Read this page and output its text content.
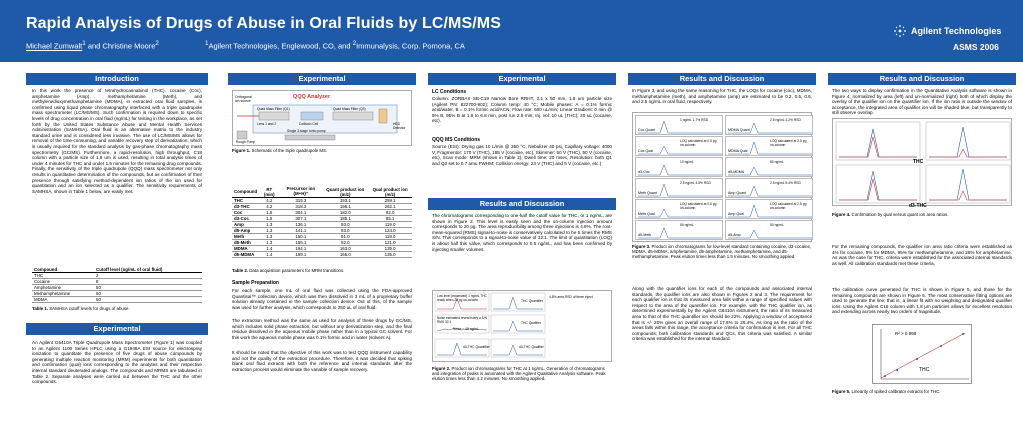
Rapid Analysis of Drugs of Abuse in Oral Fluids by LC/MS/MS
Michael Zumwalt$^1$ and Christine Moore$^2$	$^1$Agilent Technologies, Englewood, CO, and $^2$Immunalysis, Corp. Pomona, CA
Agilent Technologies
ASMS 2006
Introduction
In this work the presence of tetrahydrocannabinol (THC), cocaine (Coc), amphetamine (Amp), methamphetamine (Meth), and methylenedioxymethamphetamine (MDMA), in extracted oral fluid samples, is confirmed using liquid phase chromatography interfaced with a triple quadrupole mass spectrometer (LC/MS/MS). Such confirmation is required down to specific levels of drug concentration in oral fluid (ng/mL) for testing in the workplace, as set forth by the United States Substance Abuse and Mental Health Services Administration (SAMHSA). Oral fluid is an alternative matrix to the industry standard urine and is considered less invasive. The use of LC/MS/MS allows for removal of the time-consuming, and variable recovery step of derivatization, which is usually required for the standard analysis by gas-phase chromatography mass spectrometry (GC/MS). Furthermore, a rapid-resolution, high throughput, C18 column with a particle size of 1.8 um is used, resulting in total analysis times of under 4 minutes for THC and under 1.5 minutes for the remaining drug compounds. Finally, the sensitivity of the triple quadrupole (QQQ) mass spectrometer not only results in quantitative determination of the compounds, but as confirmation of their presence through satisfying method-dependent ion ratios of the ion used for quantitation and an ion selected as a qualifier. The sensitivity requirements of SAMHSA, shown in Table 1 below, are easily met.
Compound	Cutoff level (ng/mL of oral fluid)
THC	2
Cocaine	8
Amphetamine	50
Methamphetamine	50
MDMA	50
Table 1. SAMHSA cutoff levels for drugs of abuse.
Experimental
An Agilent G6410A Triple Quadrupole Mass Spectrometer (Figure 1) was coupled to an Agilent 1100 Series HPLC using a G1948A ESI source for electrospray ionization to quantitate the presence of five drugs of abuse compounds by generating multiple reaction monitoring (MRM) experiments for both quantitation and confirmation (qual) ions corresponding to the analytes and their respective internal standard deuterated analogs. The compounds and MRMS are tabulated in Table 2. Separate analyses were carried out between the THC and the other compounds.
Experimental
QQQ Analyzer
Orthogonal ion source
Quad Mass Filter (Q1)	Quad Mass Filter (Q3)
Lens 1 and 2	Collision Cell	HED Detector
Rough Pump
Single 3-stage turbo pump
Figure 1. Schematic of the triple quadrupole MS.
Compound	RT (min)	Precursor ion (M+H)⁺	Quant product ion (m/z)	Qual product ion (m/z)
THC	4.2	315.3	193.1	259.1
d3-THC	4.2	318.3	196.1	262.1
Coc	1.5	304.1	182.0	82.0
d3-Coc	1.5	307.1	185.1	85.1
Amp	1.3	136.1	93.0	119.0
d5-Amp	1.3	141.1	93.0	124.0
Meth	1.3	150.1	91.0	119.0
d5-Meth	1.3	155.1	92.0	121.0
MDMA	1.4	194.1	163.0	135.0
d5-MDMA	1.4	199.1	165.0	135.0
Table 2. Data acquisition parameters for MRM transitions.
Sample Preparation
For each sample, one mL of oral fluid was collected using the FDA-approved Quantisal™ collection device, which was then dissolved in 3 mL of a proprietary buffer solution already contained in the sample collection device. Out of this, of the sample was used for further analysis, which corresponds to 250 uL of oral fluid.
The extraction method was the same as used for analysis of these drugs by GC/MS, which includes solid phase extraction, but without any derivatization step, and the final residue dissolved in the aqueous mobile phase rather than in a typical GC solvent. For this work the aqueous mobile phase was 0.1% formic acid in water (solvent A).
It should be noted that the objective of this work was to test QQQ instrument capability and not the quality of the extraction procedure. Therefore, it was decided that spiking blank oral fluid extracts with both the reference and internal standards after the extraction process would eliminate the variable of sample recovery.
Experimental
LC Conditions
Column: ZORBAX SB-C18 Narrow Bore RRHT, 2.1 x 50 mm, 1.8 um particle size (Agilent PN: 822700-902); Column temp: 40 °C; Mobile phases: A = 0.1% formic acid/water, B = 0.1% formic acid/ACN; Flow rate: 500 uL/min; Linear Gradient: 0 min @ 5% B, 95% B at 1.8 to 6.8 min, post run 2.5 min; Inj. vol: 10 uL (THC); 20 uL (cocaine, etc).
QQQ MS Conditions
Source (ESI): Drying gas 10 L/min @ 350 °C, Nebulizer 40 psi, Capillary voltage: 4000 V, Fragmentor: 170 V (THC), 185 V (cocaine, etc), Skimmer: 50 V (THC), 50 V (cocaine, etc), Scan mode: MRM (shown in Table 2), Dwell time: 20 msec, Resolution: both Q1 and Q3 set to 0.7 amu FWHM; Collision energy: 23 V (THC) and 5 V (cocaine, etc.)
Results and Discussion
The chromatograms corresponding to one-half the cutoff value for THC, or 1 ng/mL, are shown in Figure 2. This level is easily seen and the on-column injection amount corresponds to 20 pg. The area reproducibility among three injections is 4.8%. The root-mean-squared (RMS) signal-to-noise is conservatively calculated to be 5 times the RMS S/N. This corresponds to a signal-to-noise value of 32:1. The limit of quantitation (LOQ) is about half this value, which corresponds to 0.5 ng/mL, and has been confirmed by injecting smaller volumes.
Low level (expanded) 1 ng/mL THC ready when 20 pg on-column
Noise estimated reveal every a S/N RMS 32:1
THC Quantifier
THC Qualifier
d3-THC Quantifier	d3-THC Qualifier
4.8% area RSD of three inject
Noise ~ 48 ng/mL
Figure 2. Product ion chromatograms for THC at 1 ng/mL. Generation of chromatograms and integration of peaks is automated with the Agilent Qualitative Analysis software. Peak elution times less than 4.2 minutes. No smoothing applied.
Results and Discussion
In Figure 3, and using the same reasoning for THC, the LOQs for cocaine (coc), MDMA, methamphetamine (meth), and amphetamine (amp) are estimated to be 0.2, 0.5, 0.6, and 2.5 ng/mL in oral fluid, respectively.
Coc Quant
1 ng/mL 1.7% RSD
MDMA Quant
2.5 ng/mL 2.2% RSD
Coc Qual
LOQ calculated at 0.5 pg on-column
MDMA Qual
LOQ calculated at 2.5 pg on-column
d3-Coc
10 ng/mL
d5-MDMA
50 ng/mL
Meth Quant
2.5 ng/mL 4.5% RSD
Amp Quant
2.5 ng/mL 5.4% RSD
Meth Qual
LOQ calculated at 0.6 pg on-column
Amp Qual
LOQ calculated at 2.5 pg on-column
d5-Meth
50 ng/mL
d5-Amp
50 ng/mL
Figure 3. Product ion chromatograms for low-level standard containing cocaine, d3-cocaine, MDMA, d5-MDMA, amphetamine, d5-amphetamine, methamphetamine, and d5-methamphetamine. Peak elution times less than 1.5 minutes. No smoothing applied.
Along with the quantifier ions for each of the compounds and associated internal standards, the qualifier ions are also shown in Figures 2 and 3. The requirement for each qualifier ion is that its measured area falls within a range of specified values with respect to the area of the quantifier ion. For example, with the THC qualifier ion, as determined experimentally by the Agilent G6410A instrument, the ratio of its measured area to that of the THC quantifier ion should be 22%. Applying a window of acceptance that is +/- 20% gives an overall range of 17.6% to 26.4%. As long as the ratio of the areas falls within this range, the acceptance criteria for confirmation is met. For all THC compounds, both calibration standards and QCs, this criteria was satisfied. A similar criteria was established for the internal standard.
Results and Discussion
The two ways to display confirmation in the Quantitative Analysis software is shown in Figure 4, normalized by area (left) and un-normalized (right) both of which display the overlay of the qualifier ion on the quantifier ion. If the ion ratio is outside the window of acceptance, the integrated area of qualifier ion will be shaded blue, but transparently to still observe overlap.
THC
d3-THC
Figure 4. Confirmation by qual versus quant ion area ratios.
For the remaining compounds, the qualifier ion area ratio criteria were established as 4% for cocaine, 9% for MDMA, 95% for methamphetamine, and 26% for amphetamine. As was the case for THC, criteria were established for the associated internal standards as well. All calibration standards met these criteria.
The calibration curve generated for THC is shown in Figure 5, and those for the remaining compounds are shown in Figure 6. The most conservative fitting options are used to generate the line; that is, a linear fit with no weighting and designated qualifier ions. Using the Agilent C18 column with 1.8 µm particles allows for excellent resolution and extending across nearly two orders of magnitude.
R² > 0.998
THC
Figure 5. Linearity of spiked calibrator extracts for THC.
